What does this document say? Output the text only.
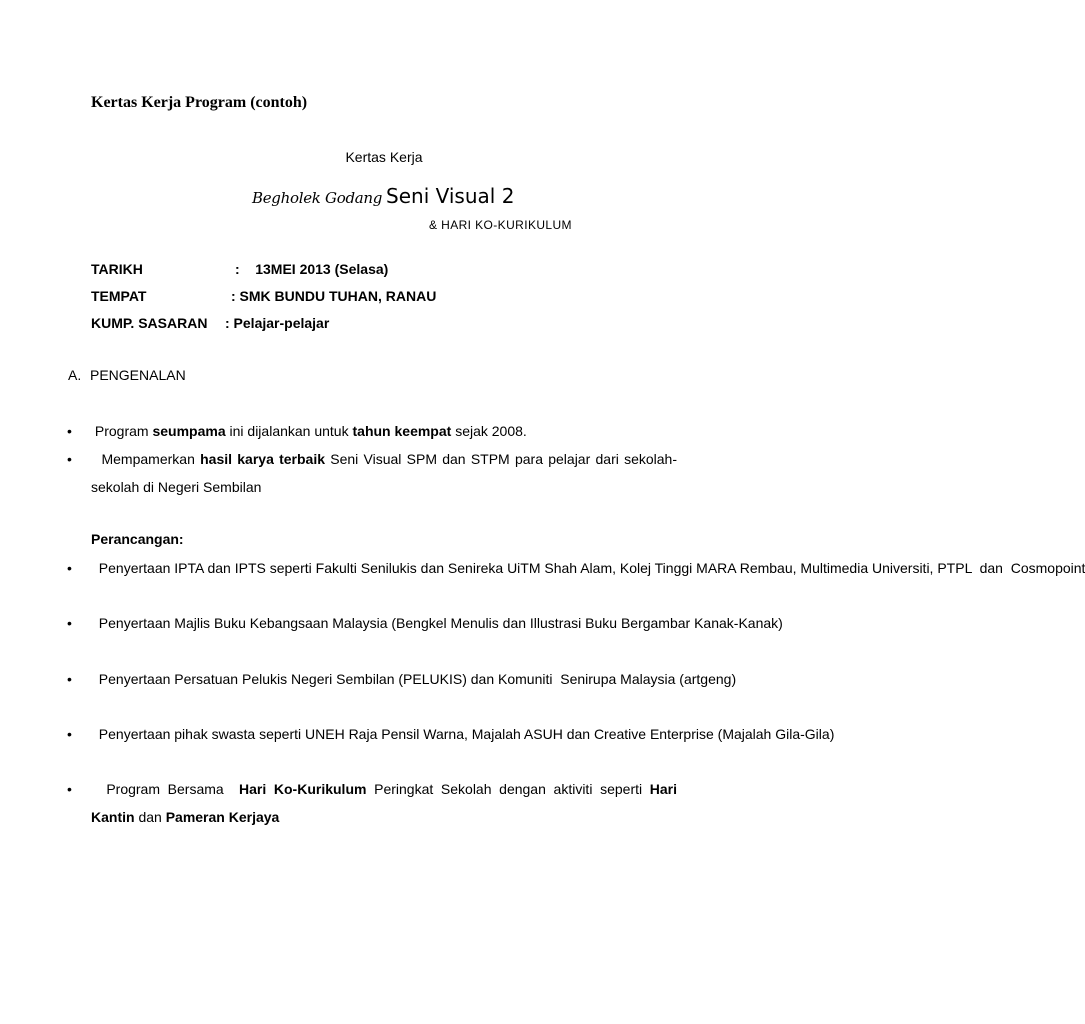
Kertas Kerja Program (contoh)
Kertas Kerja
Begholek Godang Seni Visual 2
& HARI KO-KURIKULUM
TARIKH	:    13MEI 2013 (Selasa)
TEMPAT	: SMK BUNDU TUHAN, RANAU
KUMP. SASARAN : Pelajar-pelajar
A. PENGENALAN
• Program seumpama ini dijalankan untuk tahun keempat sejak 2008.
• Mempamerkan hasil karya terbaik Seni Visual SPM dan STPM para pelajar dari sekolah-sekolah di Negeri Sembilan
Perancangan:
• Penyertaan IPTA dan IPTS seperti Fakulti Senilukis dan Senireka UiTM Shah Alam, Kolej Tinggi MARA Rembau, Multimedia Universiti, PTPL  dan  Cosmopoint
• Penyertaan Majlis Buku Kebangsaan Malaysia (Bengkel Menulis dan Illustrasi Buku Bergambar Kanak-Kanak)
• Penyertaan Persatuan Pelukis Negeri Sembilan (PELUKIS) dan Komuniti  Senirupa Malaysia (artgeng)
• Penyertaan pihak swasta seperti UNEH Raja Pensil Warna, Majalah ASUH dan Creative Enterprise (Majalah Gila-Gila)
• Program Bersama  Hari Ko-Kurikulum Peringkat Sekolah dengan aktiviti seperti Hari Kantin dan Pameran Kerjaya
